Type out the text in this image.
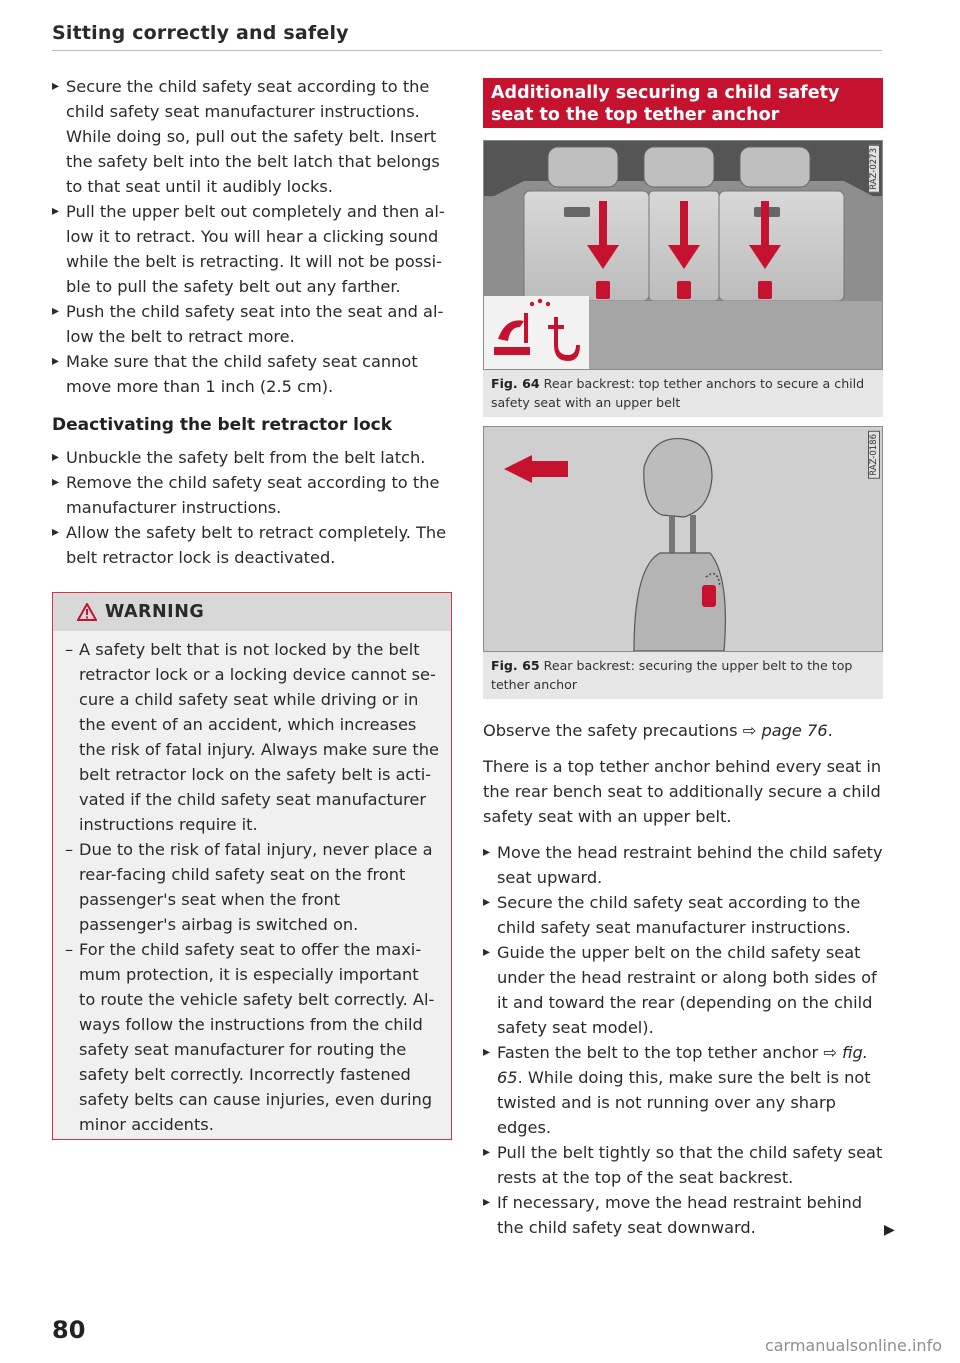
Sitting correctly and safely
▸ Secure the child safety seat according to the child safety seat manufacturer instructions. While doing so, pull out the safety belt. Insert the safety belt into the belt latch that belongs to that seat until it audibly locks.
▸ Pull the upper belt out completely and then allow it to retract. You will hear a clicking sound while the belt is retracting. It will not be possible to pull the safety belt out any farther.
▸ Push the child safety seat into the seat and allow the belt to retract more.
▸ Make sure that the child safety seat cannot move more than 1 inch (2.5 cm).
Deactivating the belt retractor lock
▸ Unbuckle the safety belt from the belt latch.
▸ Remove the child safety seat according to the manufacturer instructions.
▸ Allow the safety belt to retract completely. The belt retractor lock is deactivated.
WARNING

– A safety belt that is not locked by the belt retractor lock or a locking device cannot secure a child safety seat while driving or in the event of an accident, which increases the risk of fatal injury. Always make sure the belt retractor lock on the safety belt is activated if the child safety seat manufacturer instructions require it.

– Due to the risk of fatal injury, never place a rear-facing child safety seat on the front passenger's seat when the front passenger's airbag is switched on.

– For the child safety seat to offer the maximum protection, it is especially important to route the vehicle safety belt correctly. Always follow the instructions from the child safety seat manufacturer for routing the safety belt correctly. Incorrectly fastened safety belts can cause injuries, even during minor accidents.

Additionally securing a child safety seat to the top tether anchor
RAZ-0273
Fig. 64 Rear backrest: top tether anchors to secure a child safety seat with an upper belt
RAZ-0186
Fig. 65 Rear backrest: securing the upper belt to the top tether anchor

Observe the safety precautions ⇨ page 76.

There is a top tether anchor behind every seat in the rear bench seat to additionally secure a child safety seat with an upper belt.

▸ Move the head restraint behind the child safety seat upward.
▸ Secure the child safety seat according to the child safety seat manufacturer instructions.
▸ Guide the upper belt on the child safety seat under the head restraint or along both sides of it and toward the rear (depending on the child safety seat model).
▸ Fasten the belt to the top tether anchor ⇨ fig. 65. While doing this, make sure the belt is not twisted and is not running over any sharp edges.
▸ Pull the belt tightly so that the child safety seat rests at the top of the seat backrest.
▸ If necessary, move the head restraint behind the child safety seat downward.	▶
80
carmanualsonline.info
